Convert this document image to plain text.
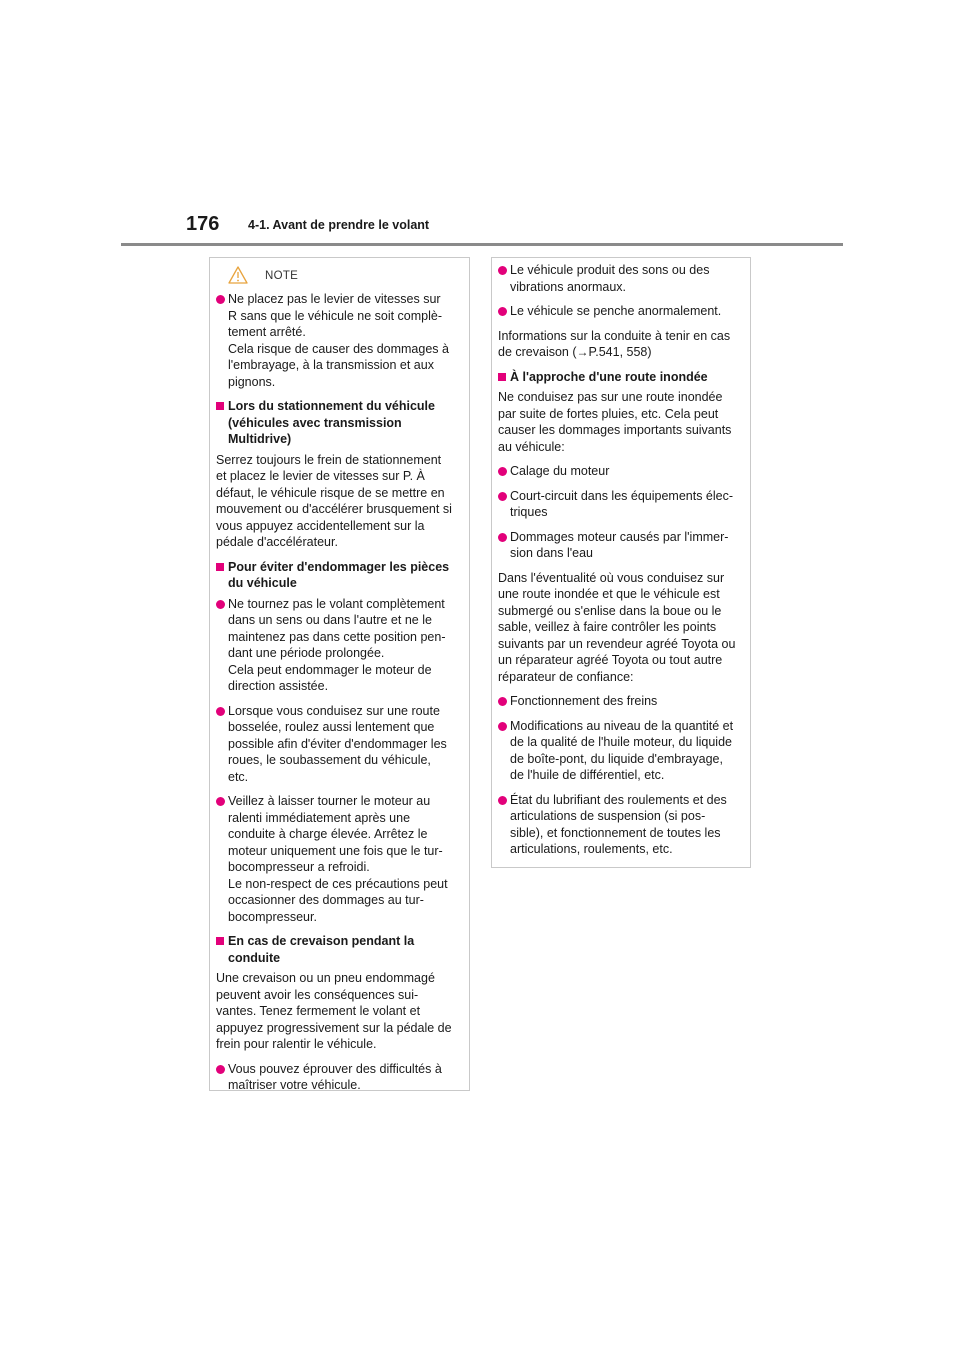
176 4-1. Avant de prendre le volant
NOTE
Ne placez pas le levier de vitesses sur
R sans que le véhicule ne soit complè-
tement arrêté.
Cela risque de causer des dommages à
l'embrayage, à la transmission et aux
pignons.
Lors du stationnement du véhicule
(véhicules avec transmission
Multidrive)
Serrez toujours le frein de stationnement
et placez le levier de vitesses sur P. À
défaut, le véhicule risque de se mettre en
mouvement ou d'accélérer brusquement si
vous appuyez accidentellement sur la
pédale d'accélérateur.
Pour éviter d'endommager les pièces
du véhicule
Ne tournez pas le volant complètement
dans un sens ou dans l'autre et ne le
maintenez pas dans cette position pen-
dant une période prolongée.
Cela peut endommager le moteur de
direction assistée.
Lorsque vous conduisez sur une route
bosselée, roulez aussi lentement que
possible afin d'éviter d'endommager les
roues, le soubassement du véhicule,
etc.
Veillez à laisser tourner le moteur au
ralenti immédiatement après une
conduite à charge élevée. Arrêtez le
moteur uniquement une fois que le tur-
bocompresseur a refroidi.
Le non-respect de ces précautions peut
occasionner des dommages au tur-
bocompresseur.
En cas de crevaison pendant la
conduite
Une crevaison ou un pneu endommagé
peuvent avoir les conséquences sui-
vantes. Tenez fermement le volant et
appuyez progressivement sur la pédale de
frein pour ralentir le véhicule.
Vous pouvez éprouver des difficultés à
maîtriser votre véhicule.
Le véhicule produit des sons ou des
vibrations anormaux.
Le véhicule se penche anormalement.
Informations sur la conduite à tenir en cas
de crevaison (→P.541, 558)
À l'approche d'une route inondée
Ne conduisez pas sur une route inondée
par suite de fortes pluies, etc. Cela peut
causer les dommages importants suivants
au véhicule:
Calage du moteur
Court-circuit dans les équipements élec-
triques
Dommages moteur causés par l'immer-
sion dans l'eau
Dans l'éventualité où vous conduisez sur
une route inondée et que le véhicule est
submergé ou s'enlise dans la boue ou le
sable, veillez à faire contrôler les points
suivants par un revendeur agréé Toyota ou
un réparateur agréé Toyota ou tout autre
réparateur de confiance:
Fonctionnement des freins
Modifications au niveau de la quantité et
de la qualité de l'huile moteur, du liquide
de boîte-pont, du liquide d'embrayage,
de l'huile de différentiel, etc.
État du lubrifiant des roulements et des
articulations de suspension (si pos-
sible), et fonctionnement de toutes les
articulations, roulements, etc.
